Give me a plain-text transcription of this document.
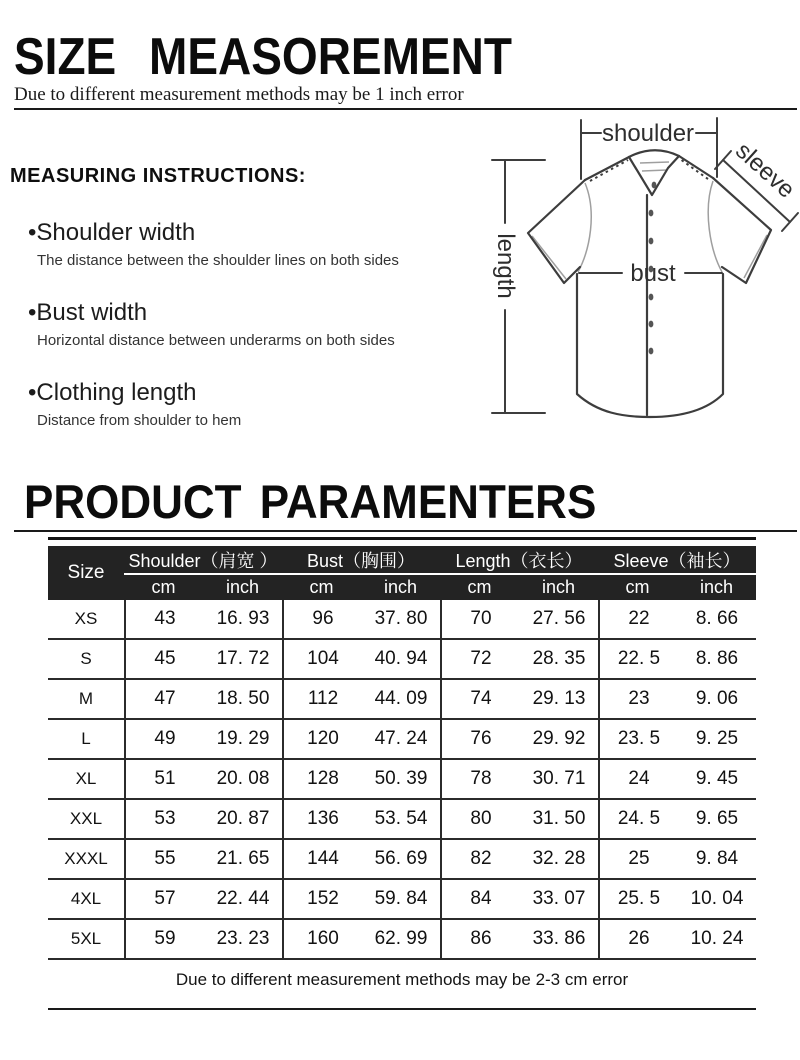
SIZE MEASOREMENT
Due to different measurement methods may be 1 inch error
MEASURING INSTRUCTIONS:
•Shoulder width
The distance between the shoulder lines on both sides
•Bust width
Horizontal distance between underarms on both sides
•Clothing length
Distance from shoulder to hem
shoulder
length	bust
sleeve
PRODUCT PARAMENTERS
Size
Shoulder（肩宽 ）	Bust（胸围）	Length（衣长）	Sleeve（袖长）
cm	inch	cm	inch	cm	inch	cm	inch
XS	43	16. 93	96	37. 80	70	27. 56	22	8. 66
S	45	17. 72	104	40. 94	72	28. 35	22. 5	8. 86
M	47	18. 50	112	44. 09	74	29. 13	23	9. 06
L	49	19. 29	120	47. 24	76	29. 92	23. 5	9. 25
XL	51	20. 08	128	50. 39	78	30. 71	24	9. 45
XXL	53	20. 87	136	53. 54	80	31. 50	24. 5	9. 65
XXXL	55	21. 65	144	56. 69	82	32. 28	25	9. 84
4XL	57	22. 44	152	59. 84	84	33. 07	25. 5	10. 04
5XL	59	23. 23	160	62. 99	86	33. 86	26	10. 24
Due to different measurement methods may be 2-3 cm error
